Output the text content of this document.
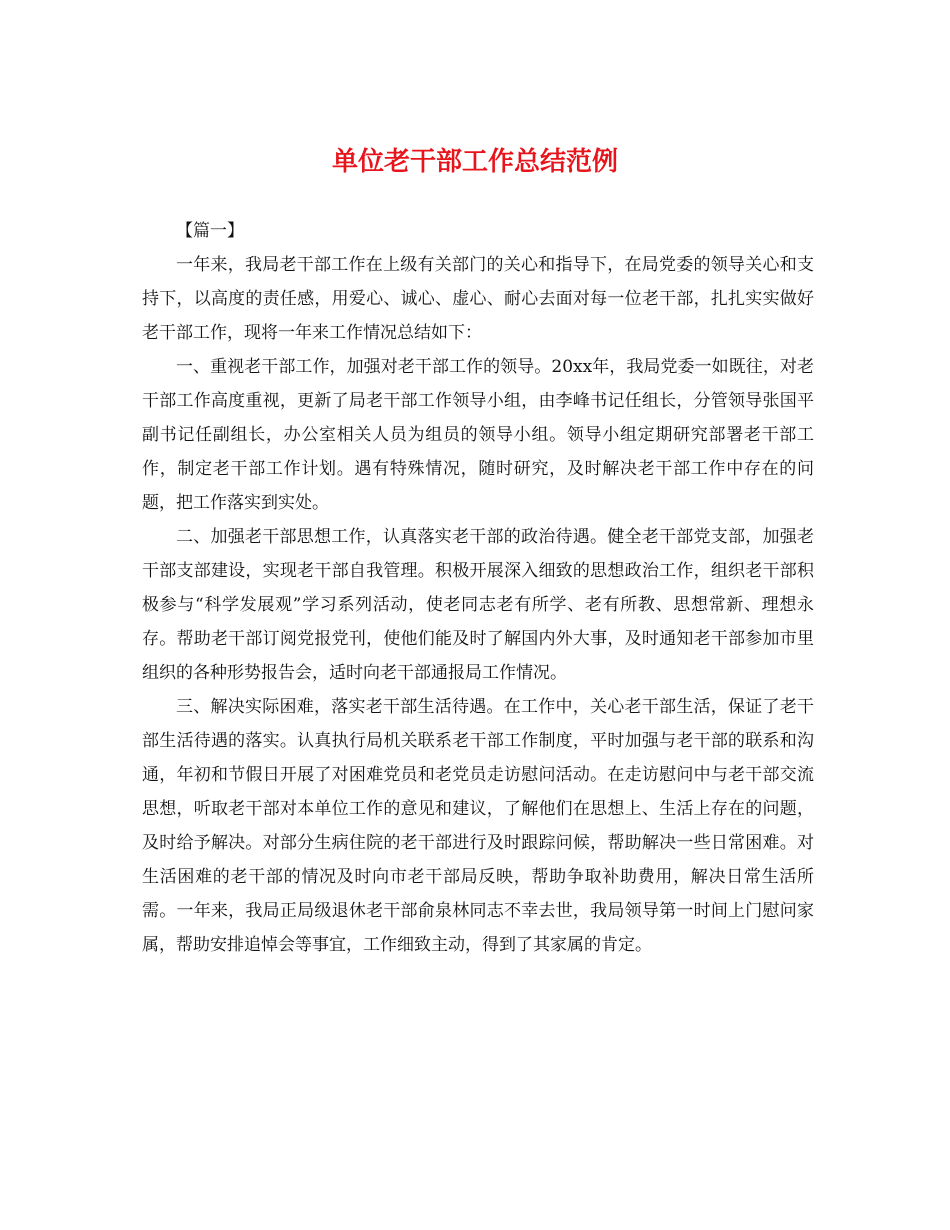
单位老干部工作总结范例

【篇一】

一年来，我局老干部工作在上级有关部门的关心和指导下，在局党委的领导关心和支持下，以高度的责任感，用爱心、诚心、虚心、耐心去面对每一位老干部，扎扎实实做好老干部工作，现将一年来工作情况总结如下：

一、重视老干部工作，加强对老干部工作的领导。20xx年，我局党委一如既往，对老干部工作高度重视，更新了局老干部工作领导小组，由李峰书记任组长，分管领导张国平副书记任副组长，办公室相关人员为组员的领导小组。领导小组定期研究部署老干部工作，制定老干部工作计划。遇有特殊情况，随时研究，及时解决老干部工作中存在的问题，把工作落实到实处。

二、加强老干部思想工作，认真落实老干部的政治待遇。健全老干部党支部，加强老干部支部建设，实现老干部自我管理。积极开展深入细致的思想政治工作，组织老干部积极参与“科学发展观”学习系列活动，使老同志老有所学、老有所教、思想常新、理想永存。帮助老干部订阅党报党刊，使他们能及时了解国内外大事，及时通知老干部参加市里组织的各种形势报告会，适时向老干部通报局工作情况。

三、解决实际困难，落实老干部生活待遇。在工作中，关心老干部生活，保证了老干部生活待遇的落实。认真执行局机关联系老干部工作制度，平时加强与老干部的联系和沟通，年初和节假日开展了对困难党员和老党员走访慰问活动。在走访慰问中与老干部交流思想，听取老干部对本单位工作的意见和建议，了解他们在思想上、生活上存在的问题，及时给予解决。对部分生病住院的老干部进行及时跟踪问候，帮助解决一些日常困难。对生活困难的老干部的情况及时向市老干部局反映，帮助争取补助费用，解决日常生活所需。一年来，我局正局级退休老干部俞泉林同志不幸去世，我局领导第一时间上门慰问家属，帮助安排追悼会等事宜，工作细致主动，得到了其家属的肯定。
